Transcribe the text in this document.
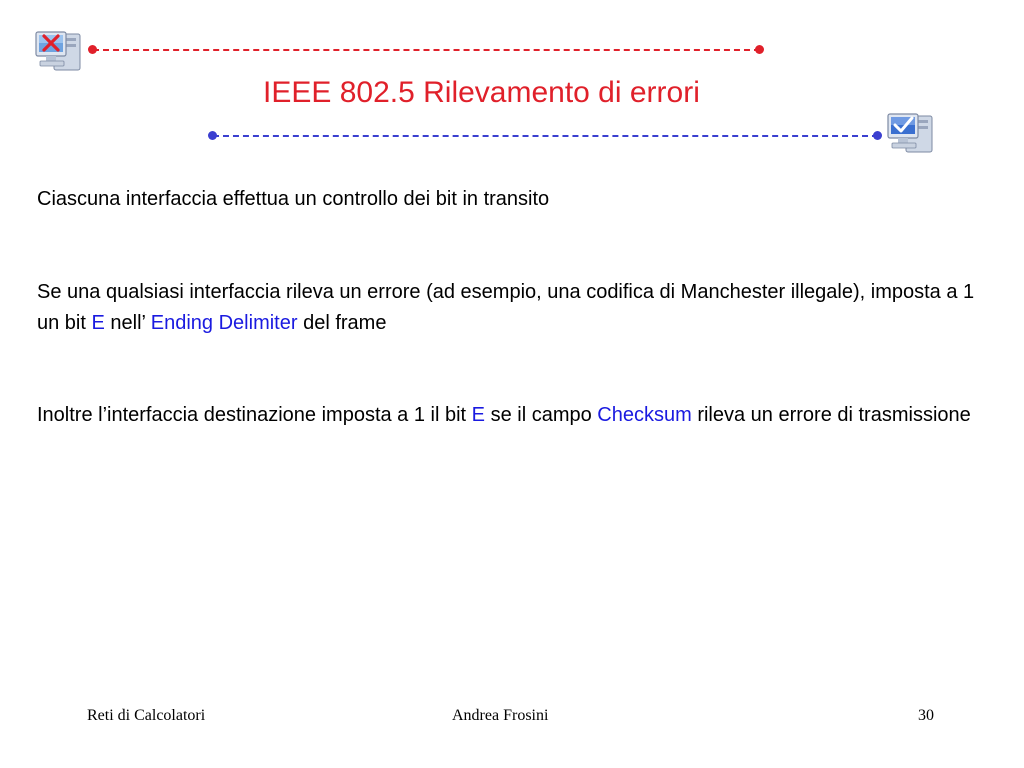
IEEE 802.5 Rilevamento di errori
Ciascuna interfaccia effettua un controllo dei bit in transito
Se una qualsiasi interfaccia rileva un errore (ad esempio, una codifica di Manchester illegale), imposta a 1 un bit E nell’ Ending Delimiter del frame
Inoltre l’interfaccia destinazione imposta a 1 il bit E se il campo Checksum rileva un errore di trasmissione
Reti di Calcolatori	Andrea Frosini	30
